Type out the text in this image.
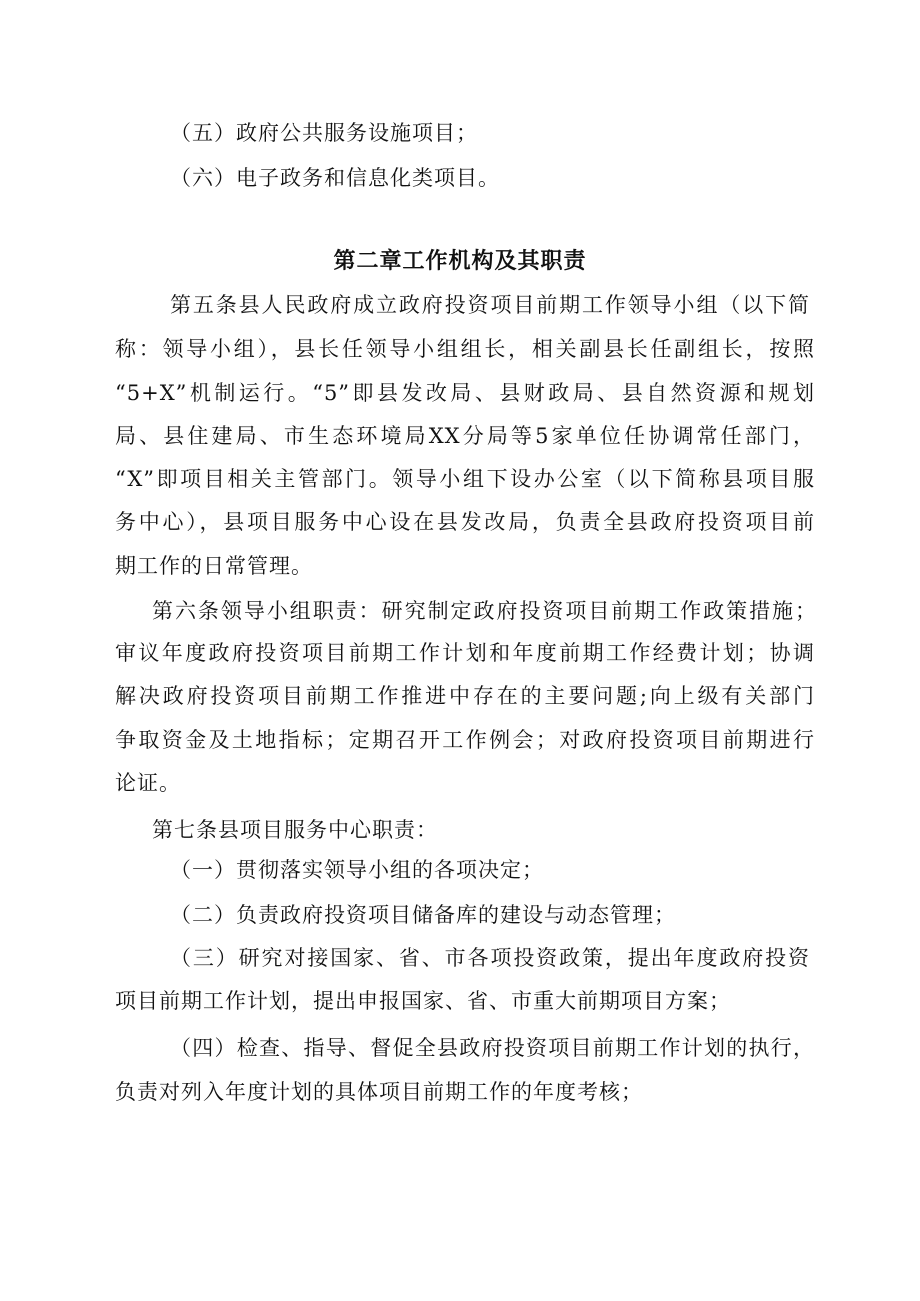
（五）政府公共服务设施项目；
（六）电子政务和信息化类项目。
第二章工作机构及其职责
第五条县人民政府成立政府投资项目前期工作领导小组（以下简
称：领导小组），县长任领导小组组长，相关副县长任副组长，按照
“5+X”机制运行。“5”即县发改局、县财政局、县自然资源和规划
局、县住建局、市生态环境局XX分局等5家单位任协调常任部门，
“X”即项目相关主管部门。领导小组下设办公室（以下简称县项目服
务中心），县项目服务中心设在县发改局，负责全县政府投资项目前
期工作的日常管理。
第六条领导小组职责：研究制定政府投资项目前期工作政策措施；
审议年度政府投资项目前期工作计划和年度前期工作经费计划；协调
解决政府投资项目前期工作推进中存在的主要问题;向上级有关部门
争取资金及土地指标；定期召开工作例会；对政府投资项目前期进行
论证。
第七条县项目服务中心职责：
（一）贯彻落实领导小组的各项决定；
（二）负责政府投资项目储备库的建设与动态管理；
（三）研究对接国家、省、市各项投资政策，提出年度政府投资
项目前期工作计划，提出申报国家、省、市重大前期项目方案；
（四）检查、指导、督促全县政府投资项目前期工作计划的执行，
负责对列入年度计划的具体项目前期工作的年度考核；
